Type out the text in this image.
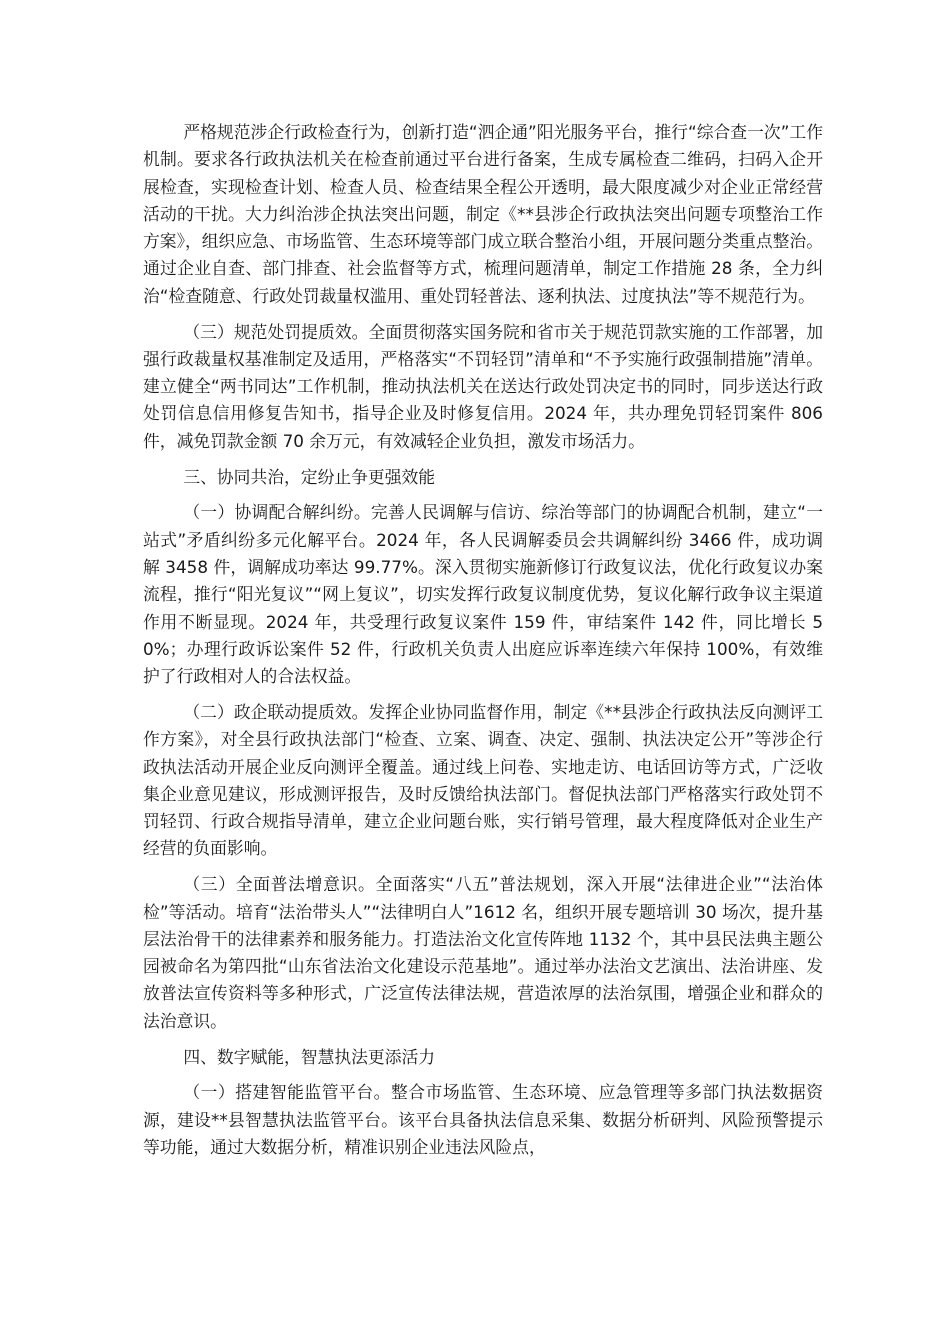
严格规范涉企行政检查行为，创新打造“泗企通”阳光服务平台，推行“综合查一次”工作机制。要求各行政执法机关在检查前通过平台进行备案，生成专属检查二维码，扫码入企开展检查，实现检查计划、检查人员、检查结果全程公开透明，最大限度减少对企业正常经营活动的干扰。大力纠治涉企执法突出问题，制定《**县涉企行政执法突出问题专项整治工作方案》，组织应急、市场监管、生态环境等部门成立联合整治小组，开展问题分类重点整治。通过企业自查、部门排查、社会监督等方式，梳理问题清单，制定工作措施 28 条，全力纠治“检查随意、行政处罚裁量权滥用、重处罚轻普法、逐利执法、过度执法”等不规范行为。

（三）规范处罚提质效。全面贯彻落实国务院和省市关于规范罚款实施的工作部署，加强行政裁量权基准制定及适用，严格落实“不罚轻罚”清单和“不予实施行政强制措施”清单。建立健全“两书同达”工作机制，推动执法机关在送达行政处罚决定书的同时，同步送达行政处罚信息信用修复告知书，指导企业及时修复信用。2024 年，共办理免罚轻罚案件 806 件，减免罚款金额 70 余万元，有效减轻企业负担，激发市场活力。

三、协同共治，定纷止争更强效能

（一）协调配合解纠纷。完善人民调解与信访、综治等部门的协调配合机制，建立“一站式”矛盾纠纷多元化解平台。2024 年，各人民调解委员会共调解纠纷 3466 件，成功调解 3458 件，调解成功率达 99.77%。深入贯彻实施新修订行政复议法，优化行政复议办案流程，推行“阳光复议”“网上复议”，切实发挥行政复议制度优势，复议化解行政争议主渠道作用不断显现。2024 年，共受理行政复议案件 159 件，审结案件 142 件，同比增长 50%；办理行政诉讼案件 52 件，行政机关负责人出庭应诉率连续六年保持 100%，有效维护了行政相对人的合法权益。

（二）政企联动提质效。发挥企业协同监督作用，制定《**县涉企行政执法反向测评工作方案》，对全县行政执法部门“检查、立案、调查、决定、强制、执法决定公开”等涉企行政执法活动开展企业反向测评全覆盖。通过线上问卷、实地走访、电话回访等方式，广泛收集企业意见建议，形成测评报告，及时反馈给执法部门。督促执法部门严格落实行政处罚不罚轻罚、行政合规指导清单，建立企业问题台账，实行销号管理，最大程度降低对企业生产经营的负面影响。

（三）全面普法增意识。全面落实“八五”普法规划，深入开展“法律进企业”“法治体检”等活动。培育“法治带头人”“法律明白人”1612 名，组织开展专题培训 30 场次，提升基层法治骨干的法律素养和服务能力。打造法治文化宣传阵地 1132 个，其中县民法典主题公园被命名为第四批“山东省法治文化建设示范基地”。通过举办法治文艺演出、法治讲座、发放普法宣传资料等多种形式，广泛宣传法律法规，营造浓厚的法治氛围，增强企业和群众的法治意识。

四、数字赋能，智慧执法更添活力

（一）搭建智能监管平台。整合市场监管、生态环境、应急管理等多部门执法数据资源，建设**县智慧执法监管平台。该平台具备执法信息采集、数据分析研判、风险预警提示等功能，通过大数据分析，精准识别企业违法风险点，
